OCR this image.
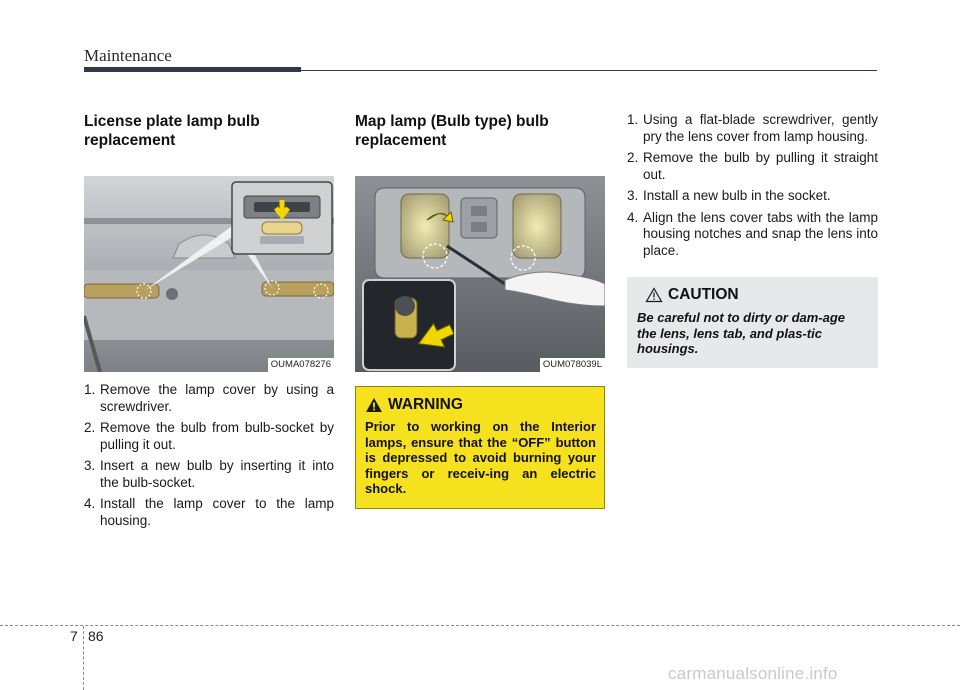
Maintenance
License plate lamp bulb
replacement
OUMA078276
1. Remove the lamp cover by using a screwdriver.
2. Remove the bulb from bulb-socket by pulling it out.
3. Insert a new bulb by inserting it into the bulb-socket.
4. Install the lamp cover to the lamp housing.
Map lamp (Bulb type) bulb
replacement
OUM078039L
WARNING
Prior to working on the Interior lamps, ensure that the “OFF” button is depressed to avoid burning your fingers or receiv-ing an electric shock.
1. Using a flat-blade screwdriver, gently pry the lens cover from lamp housing.
2. Remove the bulb by pulling it straight out.
3. Install a new bulb in the socket.
4. Align the lens cover tabs with the lamp housing notches and snap the lens into place.
CAUTION
Be careful not to dirty or dam-age the lens, lens tab, and plas-tic housings.
7 86
carmanualsonline.info
